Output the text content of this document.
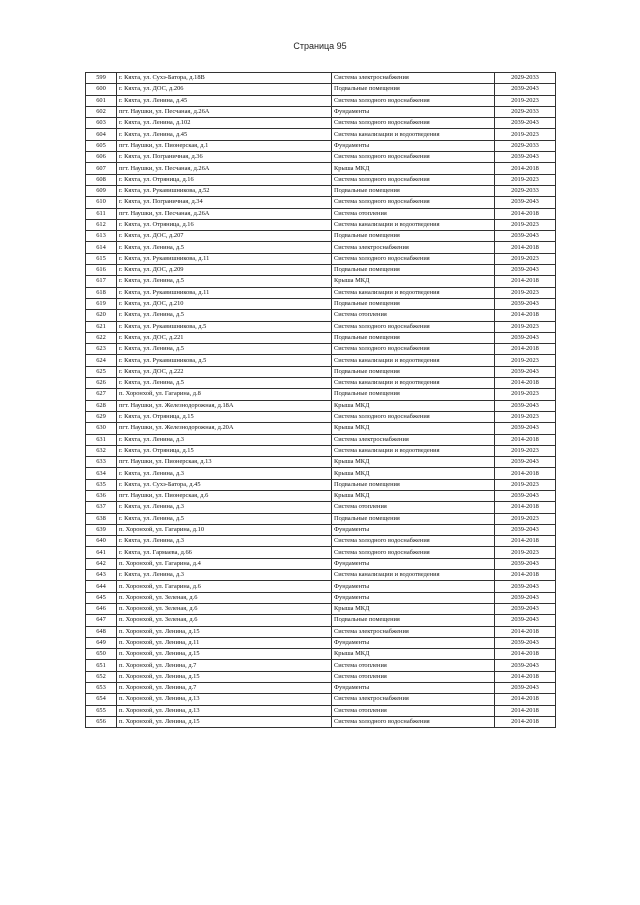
Страница 95
599	г. Кяхта, ул. Сухэ-Батора, д.18В	Система электроснабжения	2029-2033
600	г. Кяхта, ул. ДОС, д.206	Подвальные помещения	2039-2043
601	г. Кяхта, ул. Ленина, д.45	Система холодного водоснабжения	2019-2023
602	пгт. Наушки, ул. Песчаная, д.26А	Фундаменты	2029-2033
603	г. Кяхта, ул. Ленина, д.102	Система холодного водоснабжения	2039-2043
604	г. Кяхта, ул. Ленина, д.45	Система канализации и водоотведения	2019-2023
605	пгт. Наушки, ул. Пионерская, д.1	Фундаменты	2029-2033
606	г. Кяхта, ул. Пограничная, д.36	Система холодного водоснабжения	2039-2043
607	пгт. Наушки, ул. Песчаная, д.26А	Крыша МКД	2014-2018
608	г. Кяхта, ул. Отряница, д.16	Система холодного водоснабжения	2019-2023
609	г. Кяхта, ул. Рукавишникова, д.52	Подвальные помещения	2029-2033
610	г. Кяхта, ул. Пограничная, д.34	Система холодного водоснабжения	2039-2043
611	пгт. Наушки, ул. Песчаная, д.26А	Система отопления	2014-2018
612	г. Кяхта, ул. Отряница, д.16	Система канализации и водоотведения	2019-2023
613	г. Кяхта, ул. ДОС, д.207	Подвальные помещения	2039-2043
614	г. Кяхта, ул. Ленина, д.5	Система электроснабжения	2014-2018
615	г. Кяхта, ул. Рукавишникова, д.11	Система холодного водоснабжения	2019-2023
616	г. Кяхта, ул. ДОС, д.209	Подвальные помещения	2039-2043
617	г. Кяхта, ул. Ленина, д.5	Крыша МКД	2014-2018
618	г. Кяхта, ул. Рукавишникова, д.11	Система канализации и водоотведения	2019-2023
619	г. Кяхта, ул. ДОС, д.210	Подвальные помещения	2039-2043
620	г. Кяхта, ул. Ленина, д.5	Система отопления	2014-2018
621	г. Кяхта, ул. Рукавишникова, д.5	Система холодного водоснабжения	2019-2023
622	г. Кяхта, ул. ДОС, д.221	Подвальные помещения	2039-2043
623	г. Кяхта, ул. Ленина, д.5	Система холодного водоснабжения	2014-2018
624	г. Кяхта, ул. Рукавишникова, д.5	Система канализации и водоотведения	2019-2023
625	г. Кяхта, ул. ДОС, д.222	Подвальные помещения	2039-2043
626	г. Кяхта, ул. Ленина, д.5	Система канализации и водоотведения	2014-2018
627	п. Хоронхой, ул. Гагарина, д.8	Подвальные помещения	2019-2023
628	пгт. Наушки, ул. Железнодорожная, д.18А	Крыша МКД	2039-2043
629	г. Кяхта, ул. Отряница, д.15	Система холодного водоснабжения	2019-2023
630	пгт. Наушки, ул. Железнодорожная, д.20А	Крыша МКД	2039-2043
631	г. Кяхта, ул. Ленина, д.3	Система электроснабжения	2014-2018
632	г. Кяхта, ул. Отряница, д.15	Система канализации и водоотведения	2019-2023
633	пгт. Наушки, ул. Пионерская, д.13	Крыша МКД	2039-2043
634	г. Кяхта, ул. Ленина, д.3	Крыша МКД	2014-2018
635	г. Кяхта, ул. Сухэ-Батора, д.45	Подвальные помещения	2019-2023
636	пгт. Наушки, ул. Пионерская, д.6	Крыша МКД	2039-2043
637	г. Кяхта, ул. Ленина, д.3	Система отопления	2014-2018
638	г. Кяхта, ул. Ленина, д.5	Подвальные помещения	2019-2023
639	п. Хоронхой, ул. Гагарина, д.10	Фундаменты	2039-2043
640	г. Кяхта, ул. Ленина, д.3	Система холодного водоснабжения	2014-2018
641	г. Кяхта, ул. Гармаева, д.66	Система холодного водоснабжения	2019-2023
642	п. Хоронхой, ул. Гагарина, д.4	Фундаменты	2039-2043
643	г. Кяхта, ул. Ленина, д.3	Система канализации и водоотведения	2014-2018
644	п. Хоронхой, ул. Гагарина, д.6	Фундаменты	2039-2043
645	п. Хоронхой, ул. Зеленая, д.6	Фундаменты	2039-2043
646	п. Хоронхой, ул. Зеленая, д.6	Крыша МКД	2039-2043
647	п. Хоронхой, ул. Зеленая, д.6	Подвальные помещения	2039-2043
648	п. Хоронхой, ул. Ленина, д.15	Система электроснабжения	2014-2018
649	п. Хоронхой, ул. Ленина, д.11	Фундаменты	2039-2043
650	п. Хоронхой, ул. Ленина, д.15	Крыша МКД	2014-2018
651	п. Хоронхой, ул. Ленина, д.7	Система отопления	2039-2043
652	п. Хоронхой, ул. Ленина, д.15	Система отопления	2014-2018
653	п. Хоронхой, ул. Ленина, д.7	Фундаменты	2039-2043
654	п. Хоронхой, ул. Ленина, д.13	Система электроснабжения	2014-2018
655	п. Хоронхой, ул. Ленина, д.13	Система отопления	2014-2018
656	п. Хоронхой, ул. Ленина, д.15	Система холодного водоснабжения	2014-2018
